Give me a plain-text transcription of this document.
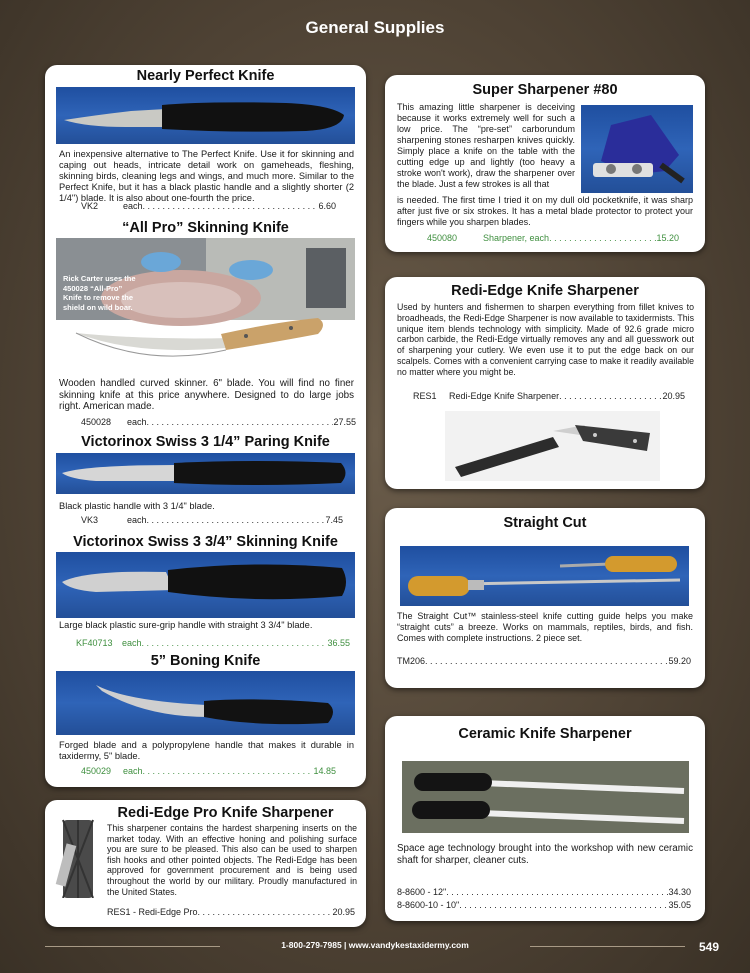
General Supplies
Nearly Perfect Knife
An inexpensive alternative to The Perfect Knife. Use it for skinning and caping out heads, intricate detail work on gameheads, fleshing, skinning birds, cleaning legs and wings, and much more. Similar to the Perfect Knife, but it has a black plastic handle and a slightly shorter (2 1/4") blade. It is also about one-fourth the price.
VK2	each . . .	6.60
“All Pro” Skinning Knife
Rick Carter uses the 450028 “All-Pro” Knife to remove the shield on wild boar.
Wooden handled curved skinner. 6" blade. You will find no finer skinning knife at this price anywhere. Designed to do large jobs right. American made.
450028	each . . .	27.55
Victorinox Swiss 3 1/4” Paring Knife
Black plastic handle with 3 1/4" blade.
VK3	each . . .	7.45
Victorinox Swiss 3 3/4” Skinning Knife
Large black plastic sure-grip handle with straight 3 3/4" blade.
KF40713	each . . .	36.55
5” Boning Knife
Forged blade and a polypropylene handle that makes it durable in taxidermy, 5" blade.
450029	each . . .	14.85
Redi-Edge Pro Knife Sharpener
This sharpener contains the hardest sharpening inserts on the market today. With an effective honing and polishing surface you are sure to be pleased. This also can be used to sharpen fish hooks and other pointed objects. The Redi-Edge has been approved for government procurement and is being used throughout the world by our military. Proudly manufactured in the United States.
RES1 - Redi-Edge Pro . . .	20.95
Super Sharpener #80
This amazing little sharpener is deceiving because it works extremely well for such a low price. The “pre-set” carborundum sharpening stones resharpen knives quickly. Simply place a knife on the table with the cutting edge up and lightly (too heavy a stroke won't work), draw the sharpener over the blade. Just a few strokes is all that
is needed. The first time I tried it on my dull old pocketknife, it was sharp after just five or six strokes. It has a metal blade protector to protect your fingers while you sharpen blades.
450080	Sharpener, each . . .	15.20
Redi-Edge Knife Sharpener
Used by hunters and fishermen to sharpen everything from fillet knives to broadheads, the Redi-Edge Sharpener is now available to taxidermists. This unique item blends technology with simplicity. Made of 92.6 grade micro carbon carbide, the Redi-Edge virtually removes any and all guesswork out of sharpening your cutlery. We even use it to put the edge back on our scalpels. Comes with a convenient carrying case to make it readily available no matter where you might be.
RES1	Redi-Edge Knife Sharpener . . .	20.95
Straight Cut
The Straight Cut™ stainless-steel knife cutting guide helps you make “straight cuts” a breeze. Works on mammals, reptiles, birds, and fish. Comes with complete instructions. 2 piece set.
TM206 . . .	59.20
Ceramic Knife Sharpener
Space age technology brought into the workshop with new ceramic shaft for sharper, cleaner cuts.
8-8600 - 12" . . .	34.30
8-8600-10 - 10" . . .	35.05
1-800-279-7985 | www.vandykestaxidermy.com	549
